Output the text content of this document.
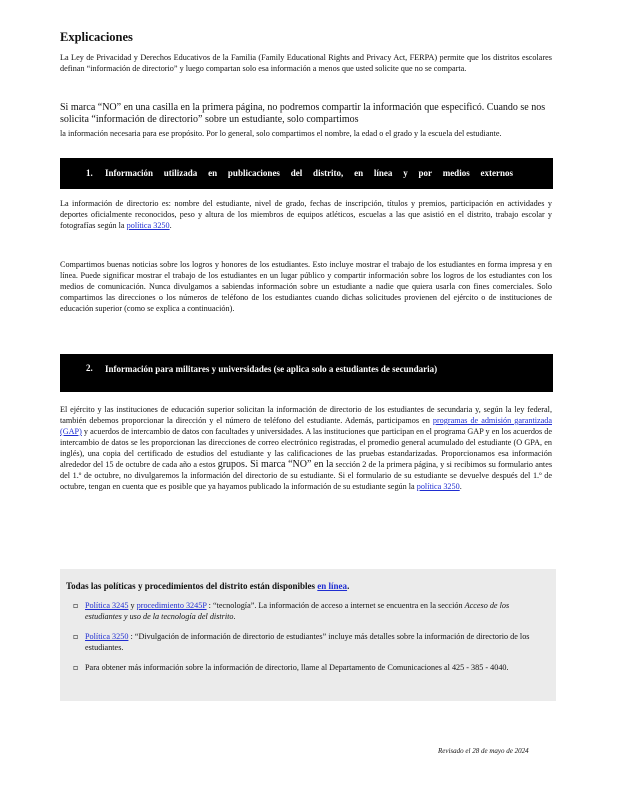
Explicaciones
La Ley de Privacidad y Derechos Educativos de la Familia (Family Educational Rights and Privacy Act, FERPA) permite que los distritos escolares definan “información de directorio” y luego compartan solo esa información a menos que usted solicite que no se comparta.
Si marca “NO” en una casilla en la primera página, no podremos compartir la información que especificó. Cuando se nos solicita “información de directorio” sobre un estudiante, solo compartimos
la información necesaria para ese propósito. Por lo general, solo compartimos el nombre, la edad o el grado y la escuela del estudiante.
1. Información utilizada en publicaciones del distrito, en línea y por medios externos
La información de directorio es: nombre del estudiante, nivel de grado, fechas de inscripción, títulos y premios, participación en actividades y deportes oficialmente reconocidos, peso y altura de los miembros de equipos atléticos, escuelas a las que asistió en el distrito, trabajo escolar y fotografías según la política 3250.
Compartimos buenas noticias sobre los logros y honores de los estudiantes. Esto incluye mostrar el trabajo de los estudiantes en forma impresa y en línea. Puede significar mostrar el trabajo de los estudiantes en un lugar público y compartir información sobre los logros de los estudiantes con los medios de comunicación. Nunca divulgamos a sabiendas información sobre un estudiante a nadie que quiera usarla con fines comerciales. Solo compartimos las direcciones o los números de teléfono de los estudiantes cuando dichas solicitudes provienen del ejército o de instituciones de educación superior (como se explica a continuación).
2. Información para militares y universidades (se aplica solo a estudiantes de secundaria)
El ejército y las instituciones de educación superior solicitan la información de directorio de los estudiantes de secundaria y, según la ley federal, también debemos proporcionar la dirección y el número de teléfono del estudiante. Además, participamos en programas de admisión garantizada (GAP) y acuerdos de intercambio de datos con facultades y universidades. A las instituciones que participan en el programa GAP y en los acuerdos de intercambio de datos se les proporcionan las direcciones de correo electrónico registradas, el promedio general acumulado del estudiante (O GPA, en inglés), una copia del certificado de estudios del estudiante y las calificaciones de las pruebas estandarizadas. Proporcionamos esa información alrededor del 15 de octubre de cada año a estos grupos. Si marca “NO” en la sección 2 de la primera página, y si recibimos su formulario antes del 1.º de octubre, no divulgaremos la información del directorio de su estudiante. Si el formulario de su estudiante se devuelve después del 1.º de octubre, tengan en cuenta que es posible que ya hayamos publicado la información de su estudiante según la política 3250.
Todas las políticas y procedimientos del distrito están disponibles en línea.
▫ Política 3245 y procedimiento 3245P : “tecnología”. La información de acceso a internet se encuentra en la sección Acceso de los estudiantes y uso de la tecnología del distrito.
▫ Política 3250 : “Divulgación de información de directorio de estudiantes” incluye más detalles sobre la información de directorio de los estudiantes.
▫ Para obtener más información sobre la información de directorio, llame al Departamento de Comunicaciones al 425 - 385 - 4040.
Revisado el 28 de mayo de 2024
